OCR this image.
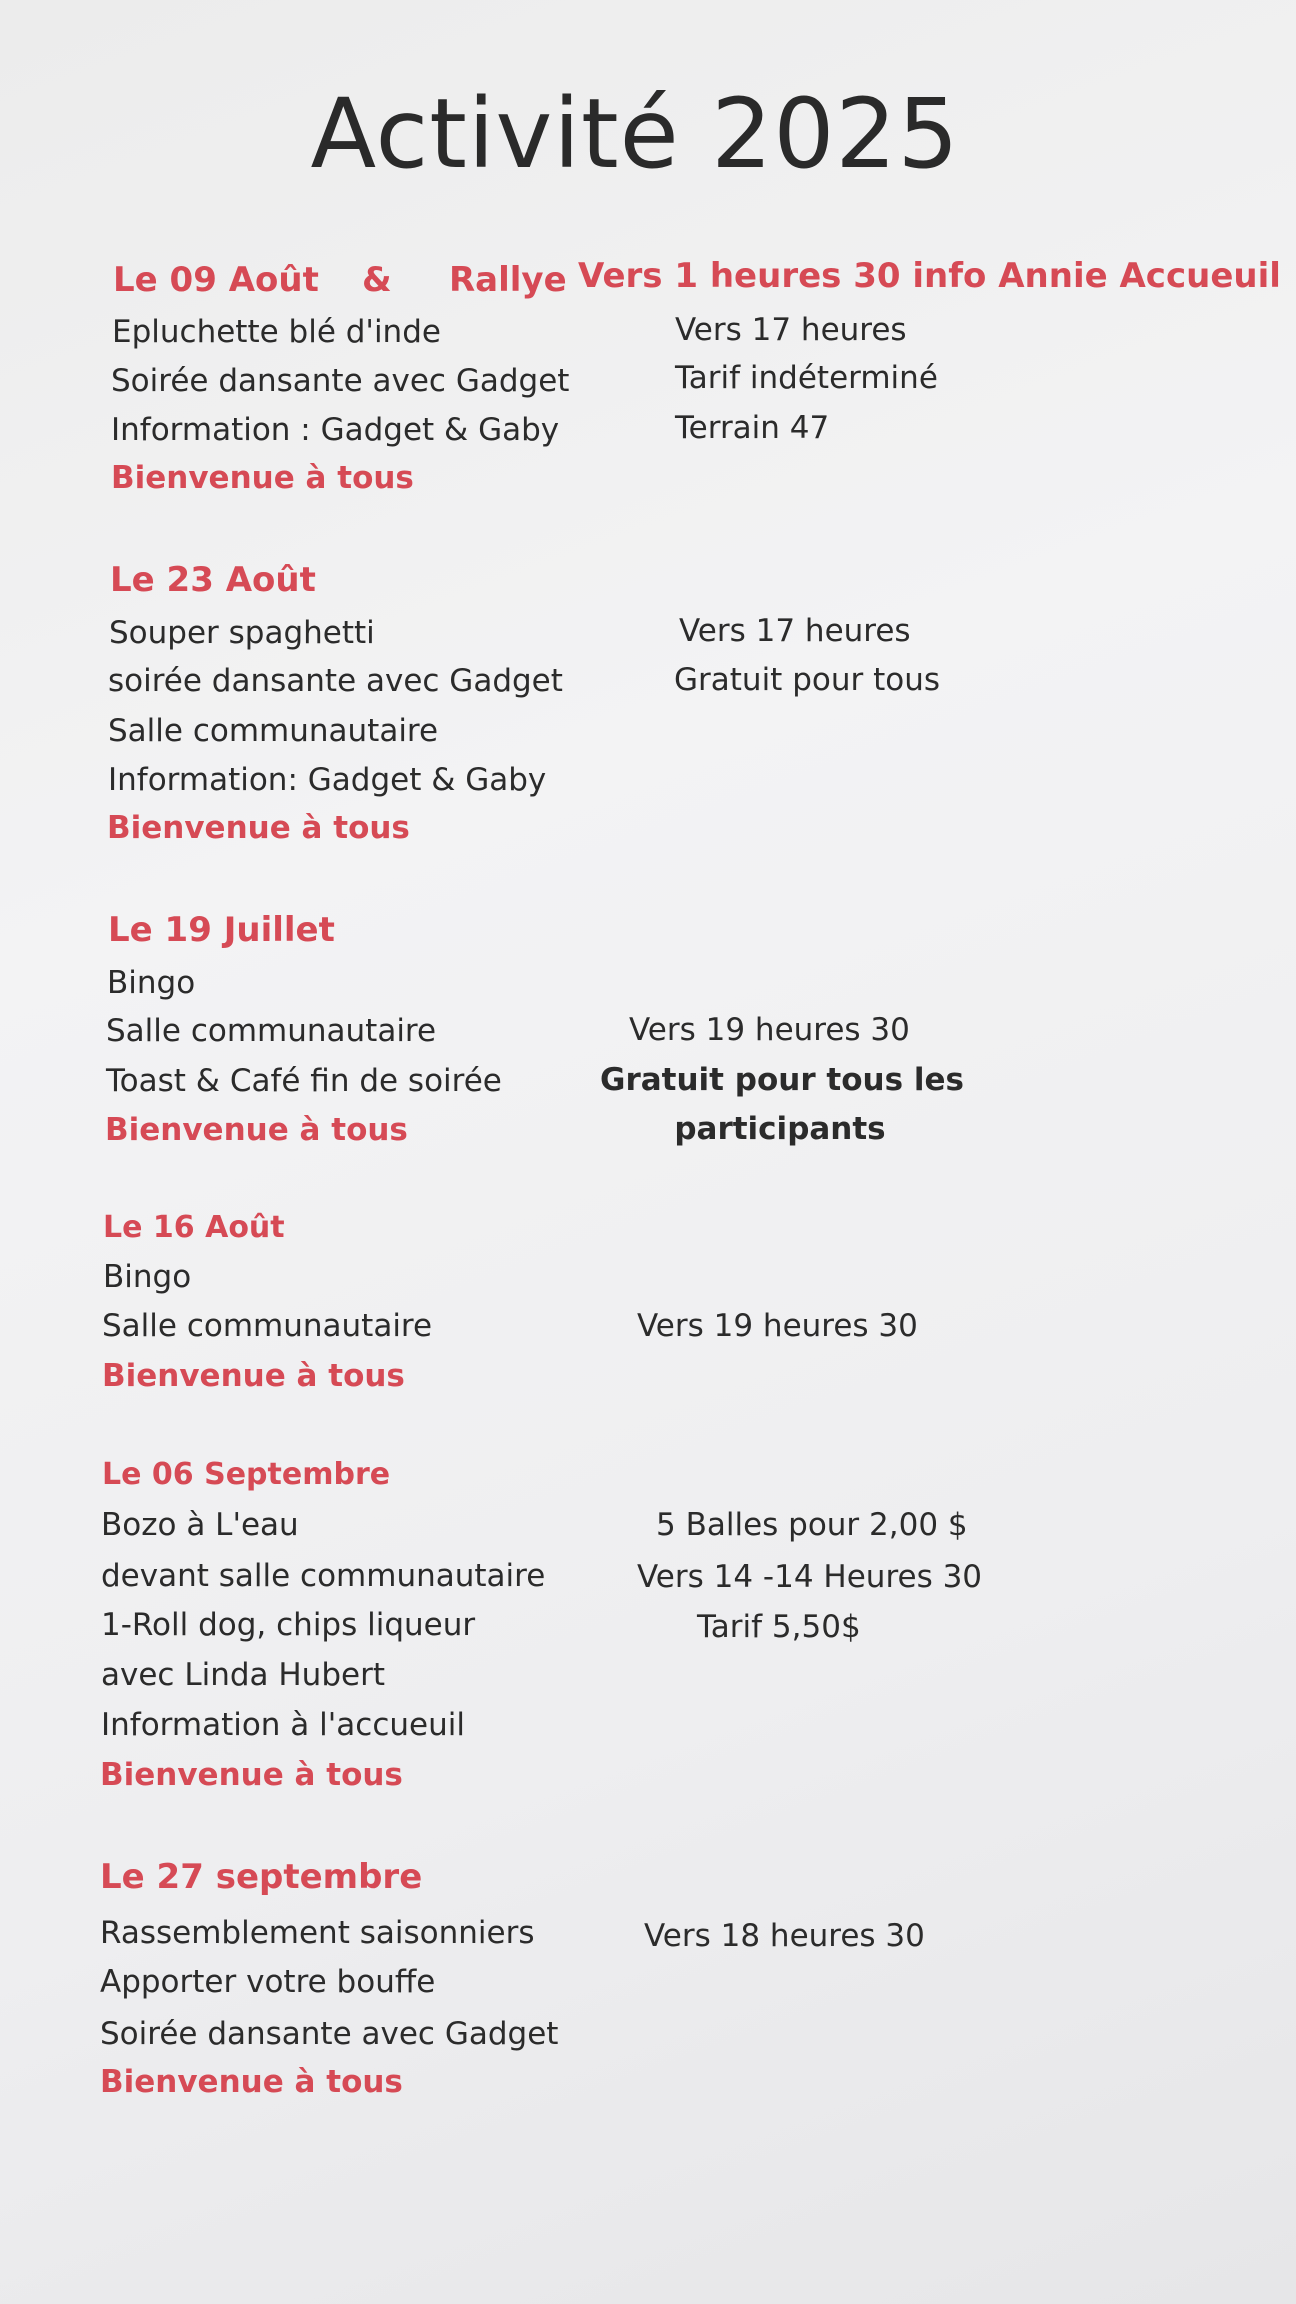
Activité 2025
Le 09 Août & Rallye Vers 1 heures 30 info Annie Accueuil
Epluchette blé d'inde
Soirée dansante avec Gadget
Information : Gadget & Gaby
Bienvenue à tous
Vers 17 heures
Tarif indéterminé
Terrain 47
Le 23 Août
Souper spaghetti
soirée dansante avec Gadget
Salle communautaire
Information: Gadget & Gaby
Bienvenue à tous
Vers 17 heures
Gratuit pour tous
Le 19 Juillet
Bingo
Salle communautaire
Toast & Café fin de soirée
Bienvenue à tous
Vers 19 heures 30
Gratuit pour tous les
participants
Le 16 Août
Bingo
Salle communautaire
Bienvenue à tous
Vers 19 heures 30
Le 06 Septembre
Bozo à L'eau
devant salle communautaire
1-Roll dog, chips liqueur
avec Linda Hubert
Information à l'accueuil
Bienvenue à tous
5 Balles pour 2,00 $
Vers 14 -14 Heures 30
Tarif 5,50$
Le 27 septembre
Rassemblement saisonniers
Apporter votre bouffe
Soirée dansante avec Gadget
Bienvenue à tous
Vers 18 heures 30
